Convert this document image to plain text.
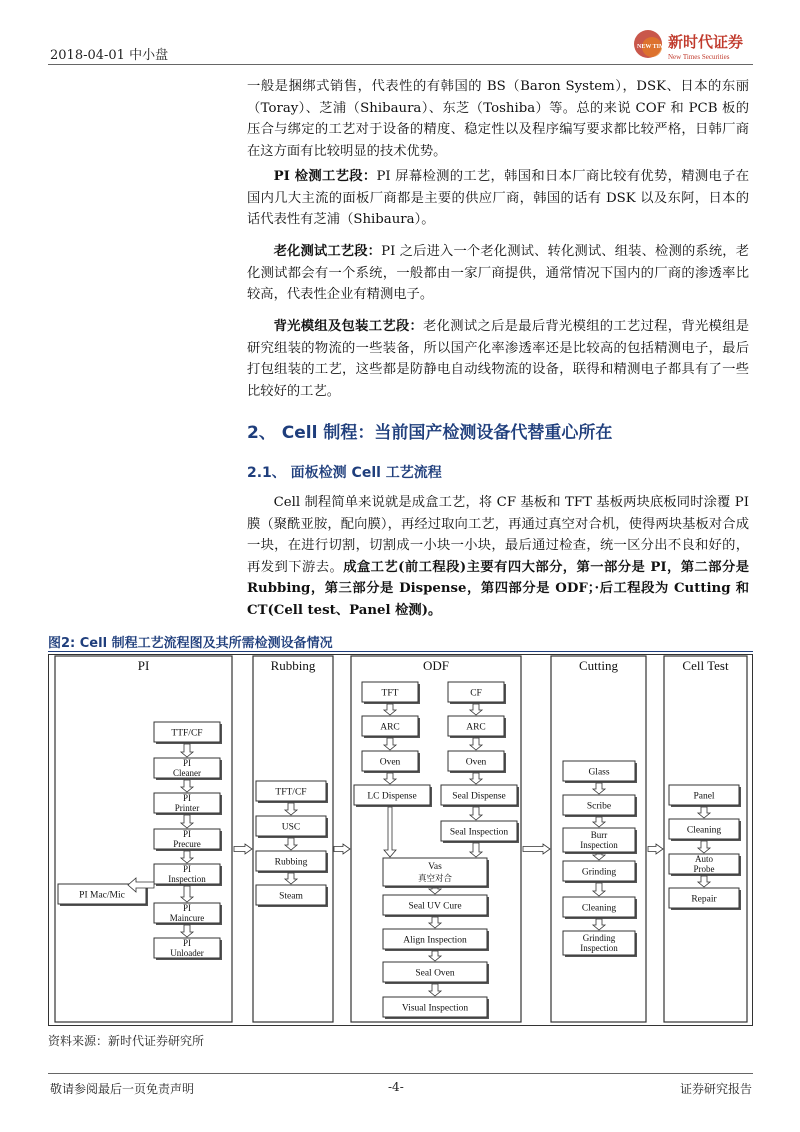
2018-04-01 中小盘
NEW TIMES
新时代证券
New Times Securities

一般是捆绑式销售，代表性的有韩国的 BS（Baron System），DSK、日本的东丽（Toray）、芝浦（Shibaura）、东芝（Toshiba）等。总的来说 COF 和 PCB 板的压合与绑定的工艺对于设备的精度、稳定性以及程序编写要求都比较严格，日韩厂商在这方面有比较明显的技术优势。

PI 检测工艺段：PI 屏幕检测的工艺，韩国和日本厂商比较有优势，精测电子在国内几大主流的面板厂商都是主要的供应厂商，韩国的话有 DSK 以及东阿，日本的话代表性有芝浦（Shibaura）。

老化测试工艺段：PI 之后进入一个老化测试、转化测试、组装、检测的系统，老化测试都会有一个系统，一般都由一家厂商提供，通常情况下国内的厂商的渗透率比较高，代表性企业有精测电子。

背光模组及包装工艺段：老化测试之后是最后背光模组的工艺过程，背光模组是研究组装的物流的一些装备，所以国产化率渗透率还是比较高的包括精测电子，最后打包组装的工艺，这些都是防静电自动线物流的设备，联得和精测电子都具有了一些比较好的工艺。

2、 Cell 制程：当前国产检测设备代替重心所在
2.1、 面板检测 Cell 工艺流程

Cell 制程简单来说就是成盒工艺，将 CF 基板和 TFT 基板两块底板同时涂覆 PI 膜（聚酰亚胺，配向膜），再经过取向工艺，再通过真空对合机，使得两块基板对合成一块，在进行切割，切割成一小块一小块，最后通过检查，统一区分出不良和好的，再发到下游去。成盒工艺(前工程段)主要有四大部分，第一部分是 PI，第二部分是 Rubbing，第三部分是 Dispense，第四部分是 ODF；·后工程段为 Cutting 和 CT(Cell test、Panel 检测)。

图2: Cell 制程工艺流程图及其所需检测设备情况
PI	Rubbing	ODF	Cutting	Cell Test
TTF/CF
PI
Cleaner
PI
Printer
PI
Precure
PI
Inspection
PI
Maincure
PI
Unloader
PI Mac/Mic
TFT/CF
USC
Rubbing
Steam
TFT
ARC
Oven
LC Dispense
CF
ARC
Oven
Seal Dispense
Seal Inspection
Vas
真空对合
Seal UV Cure
Align Inspection
Seal Oven
Visual Inspection
Glass
Scribe
Burr
Inspection
Grinding
Cleaning
Grinding
Inspection
Panel
Cleaning
Auto
Probe
Repair
资料来源：新时代证券研究所
敬请参阅最后一页免责声明	-4-	证券研究报告
